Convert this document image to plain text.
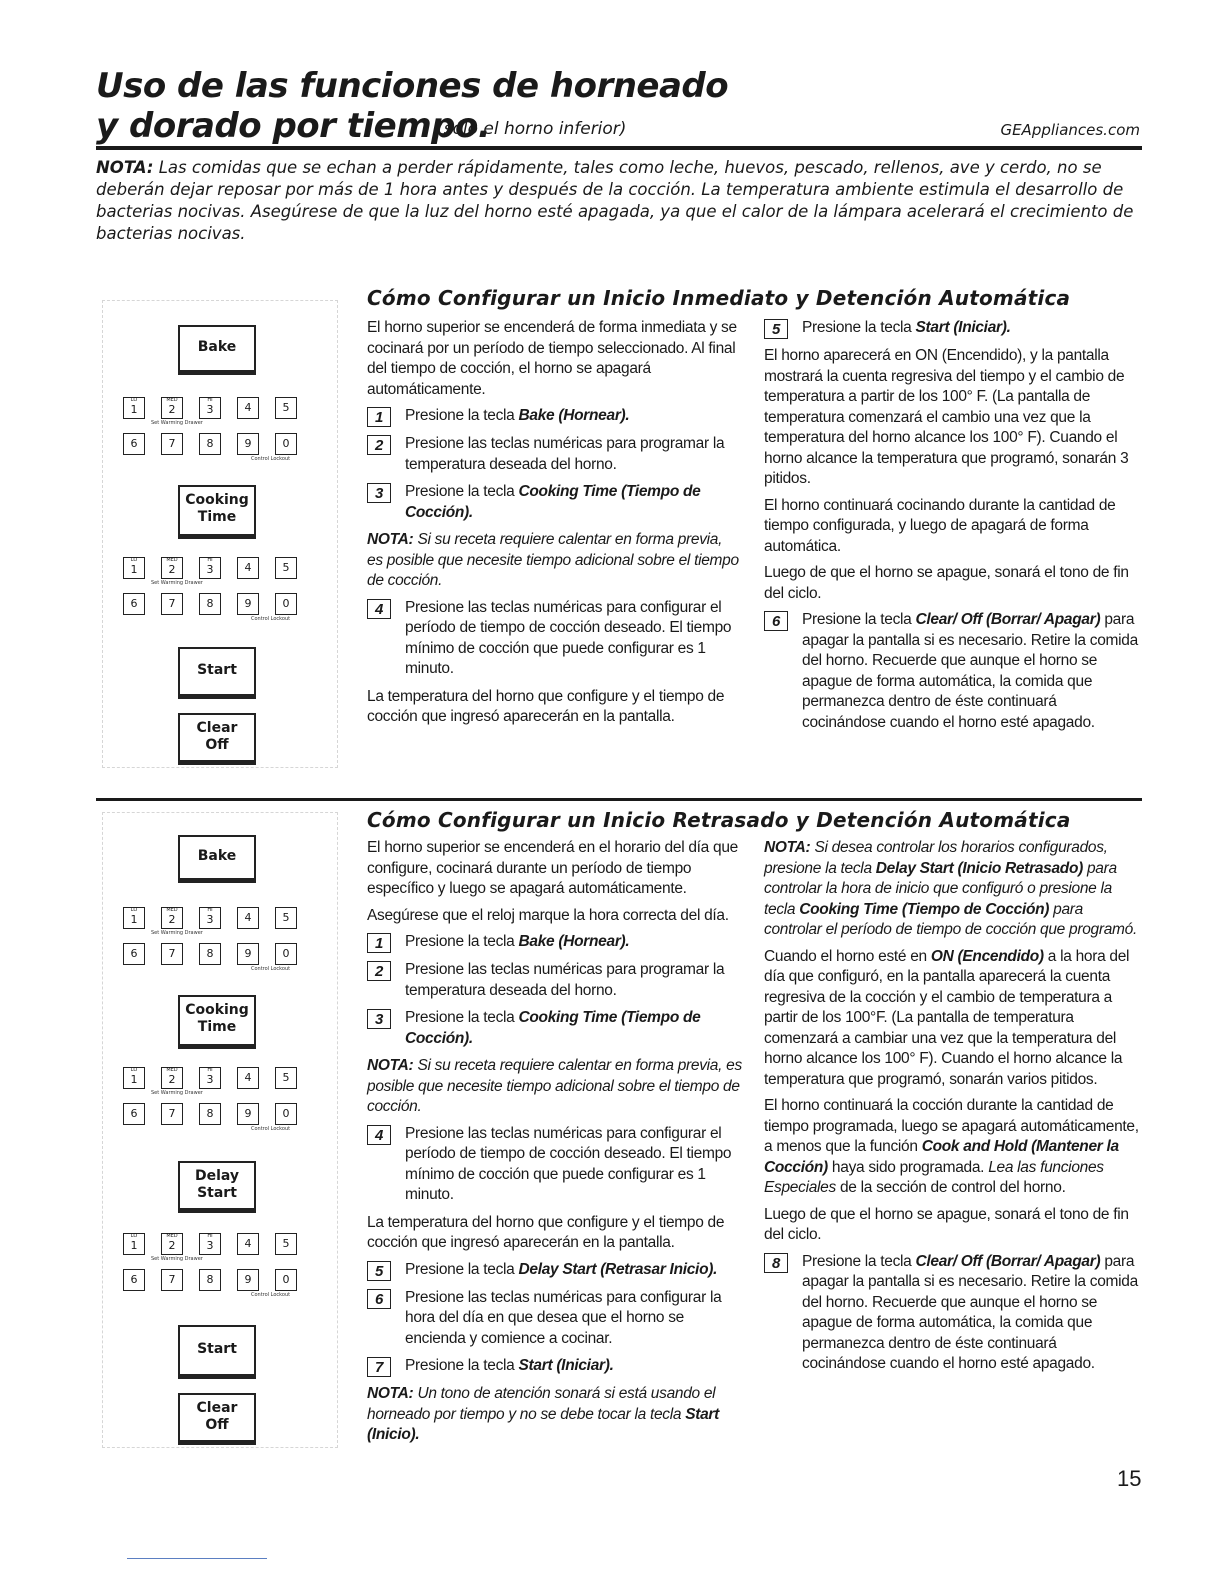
Uso de las funciones de horneado
y dorado por tiempo.
(sólo el horno inferior)	GEAppliances.com
NOTA: Las comidas que se echan a perder rápidamente, tales como leche, huevos, pescado, rellenos, ave y cerdo, no se deberán dejar reposar por más de 1 hora antes y después de la cocción. La temperatura ambiente estimula el desarrollo de bacterias nocivas. Asegúrese de que la luz del horno esté apagada, ya que el calor de la lámpara acelerará el crecimiento de bacterias nocivas.
Cómo Configurar un Inicio Inmediato y Detención Automática
Bake
LO
1
MED
2
HI
3	4	5
6	7	8	9	0
Set Warming Drawer
Control Lockout
Cooking
Time
LO
1
MED
2
HI
3	4	5
6	7	8	9	0
Set Warming Drawer
Control Lockout
Start
Clear
Off

El horno superior se encenderá de forma inmediata y se cocinará por un período de tiempo seleccionado. Al final del tiempo de cocción, el horno se apagará automáticamente.

1	Presione la tecla Bake (Hornear).
2	Presione las teclas numéricas para programar la temperatura deseada del horno.
3	Presione la tecla Cooking Time (Tiempo de Cocción).

NOTA: Si su receta requiere calentar en forma previa, es posible que necesite tiempo adicional sobre el tiempo de cocción.

4	Presione las teclas numéricas para configurar el período de tiempo de cocción deseado. El tiempo mínimo de cocción que puede configurar es 1 minuto.

La temperatura del horno que configure y el tiempo de cocción que ingresó aparecerán en la pantalla.

5	Presione la tecla Start (Iniciar).

El horno aparecerá en ON (Encendido), y la pantalla mostrará la cuenta regresiva del tiempo y el cambio de temperatura a partir de los 100° F. (La pantalla de temperatura comenzará el cambio una vez que la temperatura del horno alcance los 100° F). Cuando el horno alcance la temperatura que programó, sonarán 3 pitidos.

El horno continuará cocinando durante la cantidad de tiempo configurada, y luego de apagará de forma automática.

Luego de que el horno se apague, sonará el tono de fin del ciclo.

6	Presione la tecla Clear/ Off (Borrar/ Apagar) para apagar la pantalla si es necesario. Retire la comida del horno. Recuerde que aunque el horno se apague de forma automática, la comida que permanezca dentro de éste continuará cocinándose cuando el horno esté apagado.
Cómo Configurar un Inicio Retrasado y Detención Automática
Bake
LO
1
MED
2
HI
3	4	5
6	7	8	9	0
Set Warming Drawer
Control Lockout
Cooking
Time
LO
1
MED
2
HI
3	4	5
6	7	8	9	0
Set Warming Drawer
Control Lockout
Delay
Start
LO
1
MED
2
HI
3	4	5
6	7	8	9	0
Set Warming Drawer
Control Lockout
Start
Clear
Off

El horno superior se encenderá en el horario del día que configure, cocinará durante un período de tiempo específico y luego se apagará automáticamente.

Asegúrese que el reloj marque la hora correcta del día.

1	Presione la tecla Bake (Hornear).
2	Presione las teclas numéricas para programar la temperatura deseada del horno.
3	Presione la tecla Cooking Time (Tiempo de Cocción).

NOTA: Si su receta requiere calentar en forma previa, es posible que necesite tiempo adicional sobre el tiempo de cocción.

4	Presione las teclas numéricas para configurar el período de tiempo de cocción deseado. El tiempo mínimo de cocción que puede configurar es 1 minuto.

La temperatura del horno que configure y el tiempo de cocción que ingresó aparecerán en la pantalla.

5	Presione la tecla Delay Start (Retrasar Inicio).
6	Presione las teclas numéricas para configurar la hora del día en que desea que el horno se encienda y comience a cocinar.
7	Presione la tecla Start (Iniciar).

NOTA: Un tono de atención sonará si está usando el horneado por tiempo y no se debe tocar la tecla Start (Inicio).

NOTA: Si desea controlar los horarios configurados, presione la tecla Delay Start (Inicio Retrasado) para controlar la hora de inicio que configuró o presione la tecla Cooking Time (Tiempo de Cocción) para controlar el período de tiempo de cocción que programó.

Cuando el horno esté en ON (Encendido) a la hora del día que configuró, en la pantalla aparecerá la cuenta regresiva de la cocción y el cambio de temperatura a partir de los 100°F. (La pantalla de temperatura comenzará a cambiar una vez que la temperatura del horno alcance los 100° F). Cuando el horno alcance la temperatura que programó, sonarán varios pitidos.

El horno continuará la cocción durante la cantidad de tiempo programada, luego se apagará automáticamente, a menos que la función Cook and Hold (Mantener la Cocción) haya sido programada. Lea las funciones Especiales de la sección de control del horno.

Luego de que el horno se apague, sonará el tono de fin del ciclo.

8	Presione la tecla Clear/ Off (Borrar/ Apagar) para apagar la pantalla si es necesario. Retire la comida del horno. Recuerde que aunque el horno se apague de forma automática, la comida que permanezca dentro de éste continuará cocinándose cuando el horno esté apagado.
15
